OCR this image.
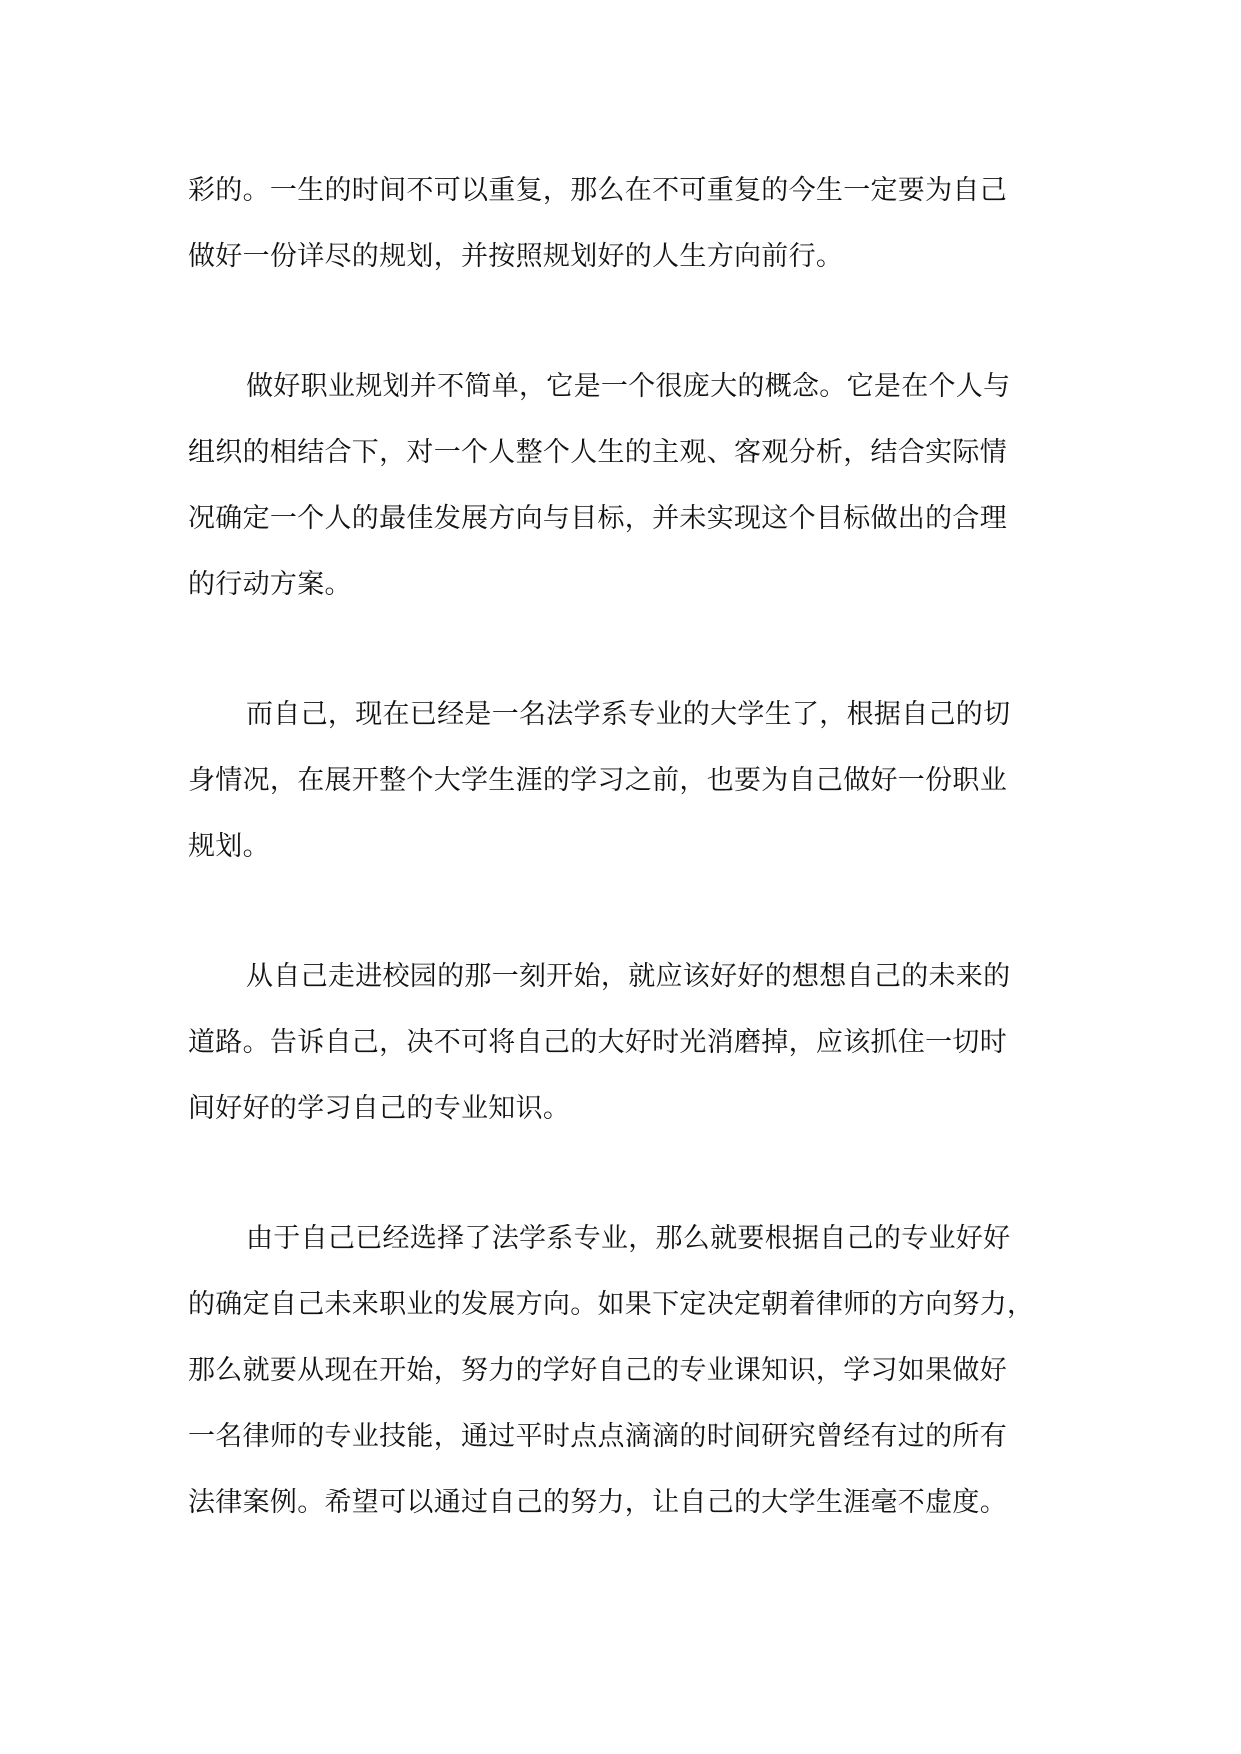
彩的。一生的时间不可以重复，那么在不可重复的今生一定要为自己
做好一份详尽的规划，并按照规划好的人生方向前行。

做好职业规划并不简单，它是一个很庞大的概念。它是在个人与
组织的相结合下，对一个人整个人生的主观、客观分析，结合实际情
况确定一个人的最佳发展方向与目标，并未实现这个目标做出的合理
的行动方案。

而自己，现在已经是一名法学系专业的大学生了，根据自己的切
身情况，在展开整个大学生涯的学习之前，也要为自己做好一份职业
规划。

从自己走进校园的那一刻开始，就应该好好的想想自己的未来的
道路。告诉自己，决不可将自己的大好时光消磨掉，应该抓住一切时
间好好的学习自己的专业知识。

由于自己已经选择了法学系专业，那么就要根据自己的专业好好
的确定自己未来职业的发展方向。如果下定决定朝着律师的方向努力，
那么就要从现在开始，努力的学好自己的专业课知识，学习如果做好
一名律师的专业技能，通过平时点点滴滴的时间研究曾经有过的所有
法律案例。希望可以通过自己的努力，让自己的大学生涯毫不虚度。
